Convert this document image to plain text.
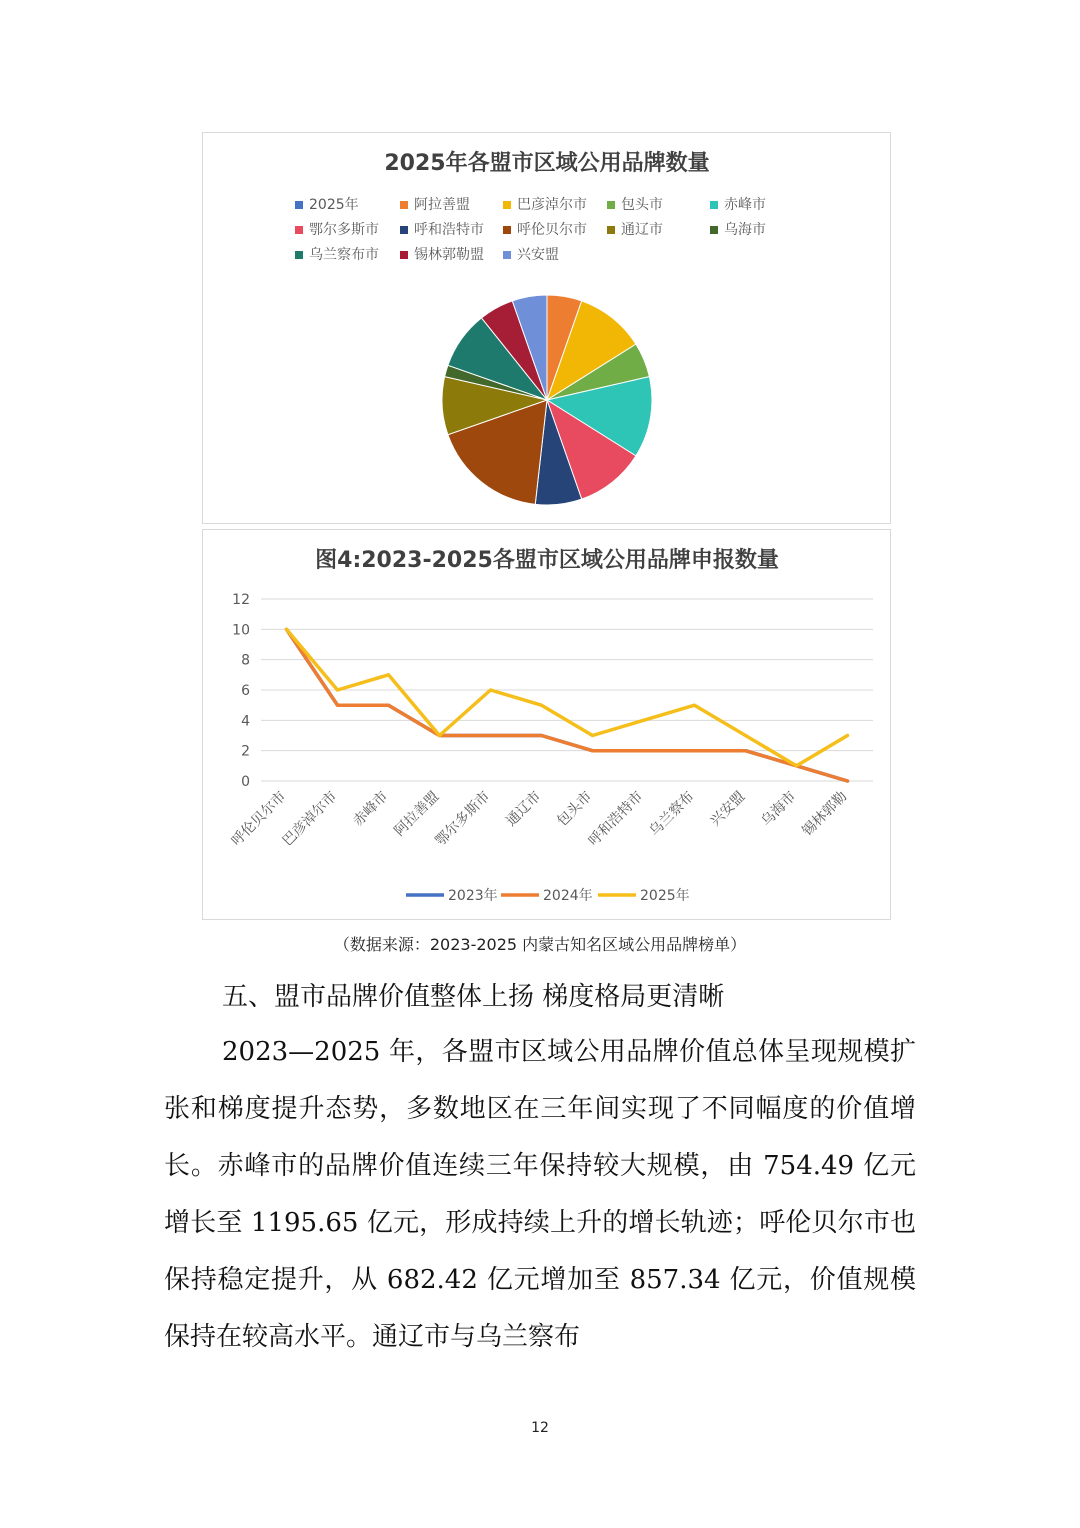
2025年各盟市区域公用品牌数量
2025年	阿拉善盟	巴彦淖尔市 包头市	赤峰市
鄂尔多斯市	呼和浩特市 呼伦贝尔市 通辽市	乌海市
乌兰察布市	锡林郭勒盟 兴安盟
图4:2023-2025各盟市区域公用品牌申报数量
0
2
4
6
8
10
12
呼伦贝尔市
巴彦淖尔市 赤峰市 阿拉善盟
鄂尔多斯市 通辽市 包头市
呼和浩特市 乌兰察布 兴安盟 乌海市 锡林郭勒
2023年	2024年	2025年
（数据来源：2023-2025 内蒙古知名区域公用品牌榜单）
五、盟市品牌价值整体上扬 梯度格局更清晰

2023—2025 年，各盟市区域公用品牌价值总体呈现规模扩张和梯度提升态势，多数地区在三年间实现了不同幅度的价值增长。赤峰市的品牌价值连续三年保持较大规模，由 754.49 亿元增长至 1195.65 亿元，形成持续上升的增长轨迹；呼伦贝尔市也保持稳定提升，从 682.42 亿元增加至 857.34 亿元，价值规模保持在较高水平。通辽市与乌兰察布

12
